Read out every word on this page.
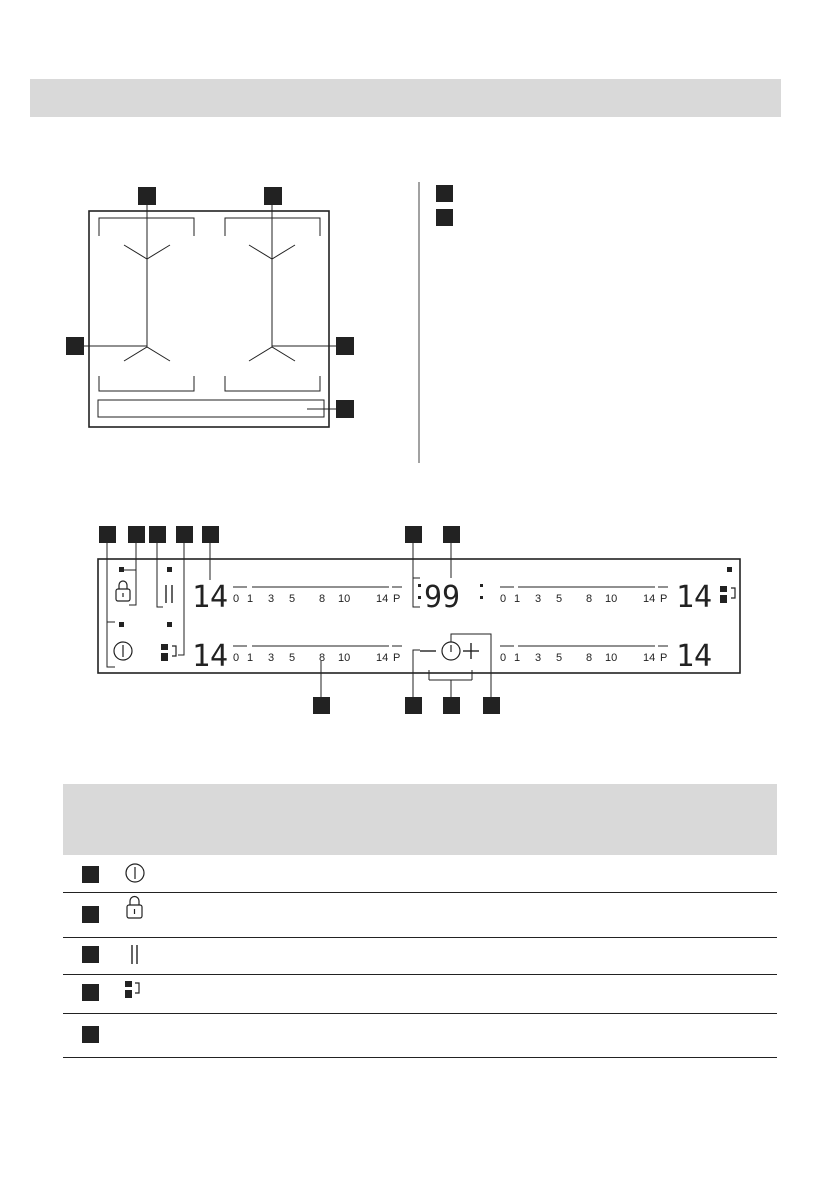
14
14
14
14
99
0 1 3 5 8 10 14 P	0 1 3 5 8 10 14 P
0 1 3 5 8 10 14 P	0 1 3 5 8 10 14 P
